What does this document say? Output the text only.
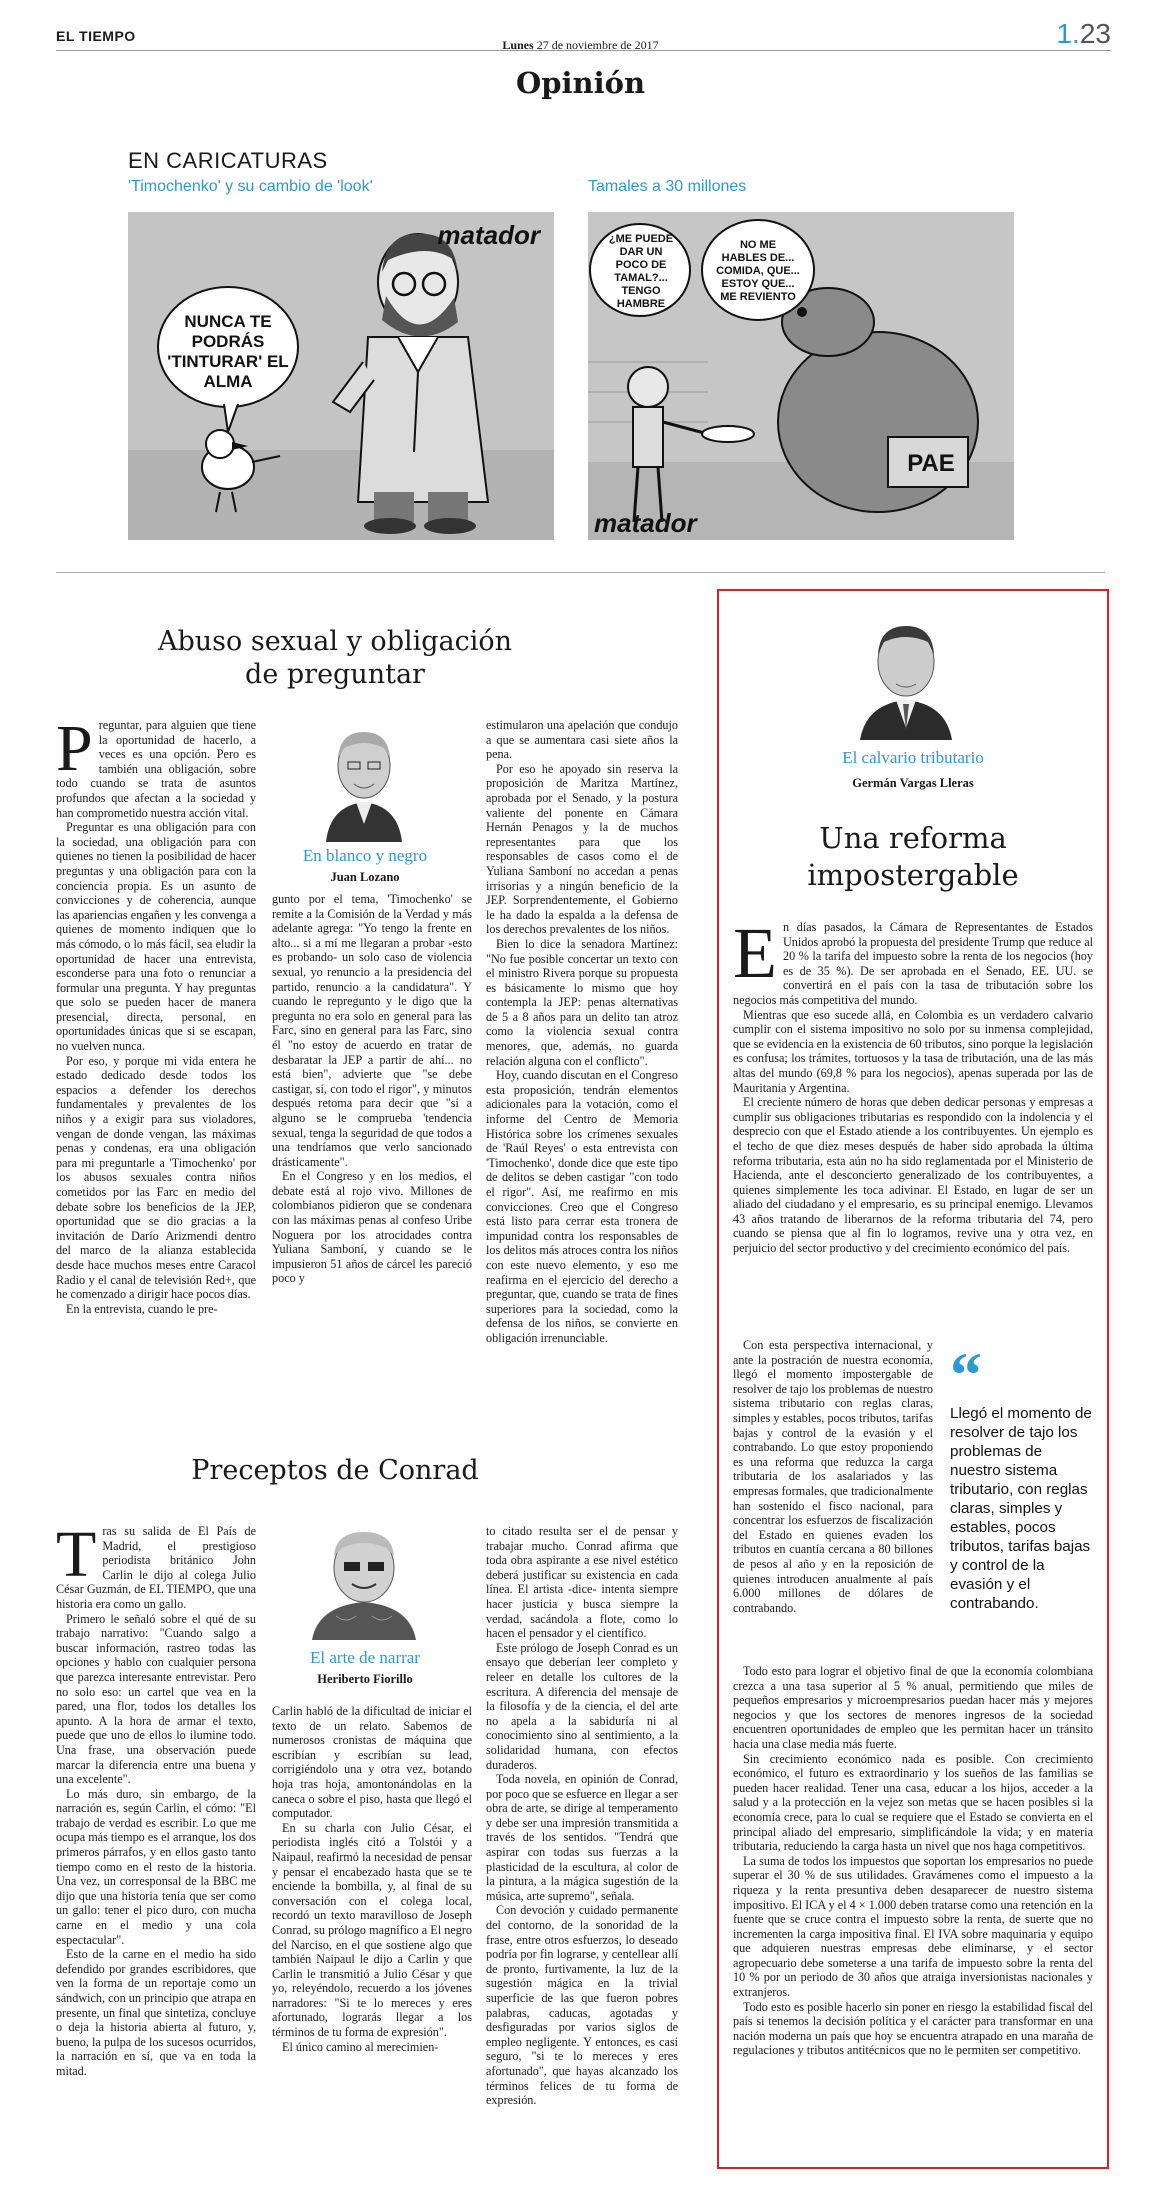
EL TIEMPO
Lunes 27 de noviembre de 2017	1.23
Opinión
EN CARICATURAS
'Timochenko' y su cambio de 'look'	Tamales a 30 millones
matador
NUNCA TE PODRÁS 'TINTURAR' EL ALMA
¿ME PUEDE DAR UN POCO DE TAMAL?... TENGO HAMBRE
NO ME HABLES DE... COMIDA, QUE... ESTOY QUE... ME REVIENTO
PAE
matador
Abuso sexual y obligación de preguntar

Preguntar, para alguien que tiene la oportunidad de hacerlo, a veces es una opción. Pero es también una obligación, sobre todo cuando se trata de asuntos profundos que afectan a la sociedad y han comprometido nuestra acción vital.

Preguntar es una obligación para con la sociedad, una obligación para con quienes no tienen la posibilidad de hacer preguntas y una obligación para con la conciencia propia. Es un asunto de convicciones y de coherencia, aunque las apariencias engañen y les convenga a quienes de momento indiquen que lo más cómodo, o lo más fácil, sea eludir la oportunidad de hacer una entrevista, esconderse para una foto o renunciar a formular una pregunta. Y hay preguntas que solo se pueden hacer de manera presencial, directa, personal, en oportunidades únicas que si se escapan, no vuelven nunca.

Por eso, y porque mi vida entera he estado dedicado desde todos los espacios a defender los derechos fundamentales y prevalentes de los niños y a exigir para sus violadores, vengan de donde vengan, las máximas penas y condenas, era una obligación para mi preguntarle a 'Timochenko' por los abusos sexuales contra niños cometidos por las Farc en medio del debate sobre los beneficios de la JEP, oportunidad que se dio gracias a la invitación de Darío Arizmendi dentro del marco de la alianza establecida desde hace muchos meses entre Caracol Radio y el canal de televisión Red+, que he comenzado a dirigir hace pocos días.

En la entrevista, cuando le pre-

En blanco y negro
Juan Lozano

gunto por el tema, 'Timochenko' se remite a la Comisión de la Verdad y más adelante agrega: "Yo tengo la frente en alto... si a mí me llegaran a probar -esto es probando- un solo caso de violencia sexual, yo renuncio a la presidencia del partido, renuncio a la candidatura". Y cuando le repregunto y le digo que la pregunta no era solo en general para las Farc, sino en general para las Farc, sino él "no estoy de acuerdo en tratar de desbaratar la JEP a partir de ahí... no está bien", advierte que "se debe castigar, sí, con todo el rigor", y minutos después retoma para decir que "si a alguno se le comprueba 'tendencia sexual, tenga la seguridad de que todos a una tendríamos que verlo sancionado drásticamente".

En el Congreso y en los medios, el debate está al rojo vivo. Millones de colombianos pidieron que se condenara con las máximas penas al confeso Uribe Noguera por los atrocidades contra Yuliana Samboní, y cuando se le impusieron 51 años de cárcel les pareció poco y

estimularon una apelación que condujo a que se aumentara casi siete años la pena.

Por eso he apoyado sin reserva la proposición de Maritza Martínez, aprobada por el Senado, y la postura valiente del ponente en Cámara Hernán Penagos y la de muchos representantes para que los responsables de casos como el de Yuliana Samboní no accedan a penas irrisorias y a ningún beneficio de la JEP. Sorprendentemente, el Gobierno le ha dado la espalda a la defensa de los derechos prevalentes de los niños.

Bien lo dice la senadora Martínez: "No fue posible concertar un texto con el ministro Rivera porque su propuesta es básicamente lo mismo que hoy contempla la JEP: penas alternativas de 5 a 8 años para un delito tan atroz como la violencia sexual contra menores, que, además, no guarda relación alguna con el conflicto".

Hoy, cuando discutan en el Congreso esta proposición, tendrán elementos adicionales para la votación, como el informe del Centro de Memoria Histórica sobre los crímenes sexuales de 'Raúl Reyes' o esta entrevista con 'Timochenko', donde dice que este tipo de delitos se deben castigar "con todo el rigor". Así, me reafirmo en mis convicciones. Creo que el Congreso está listo para cerrar esta tronera de impunidad contra los responsables de los delitos más atroces contra los niños con este nuevo elemento, y eso me reafirma en el ejercicio del derecho a preguntar, que, cuando se trata de fines superiores para la sociedad, como la defensa de los niños, se convierte en obligación irrenunciable.

Preceptos de Conrad

Tras su salida de El País de Madrid, el prestigioso periodista británico John Carlin le dijo al colega Julio César Guzmán, de EL TIEMPO, que una historia era como un gallo.

Primero le señaló sobre el qué de su trabajo narrativo: "Cuando salgo a buscar información, rastreo todas las opciones y hablo con cualquier persona que parezca interesante entrevistar. Pero no solo eso: un cartel que vea en la pared, una flor, todos los detalles los apunto. A la hora de armar el texto, puede que uno de ellos lo ilumine todo. Una frase, una observación puede marcar la diferencia entre una buena y una excelente".

Lo más duro, sin embargo, de la narración es, según Carlin, el cómo: "El trabajo de verdad es escribir. Lo que me ocupa más tiempo es el arranque, los dos primeros párrafos, y en ellos gasto tanto tiempo como en el resto de la historia. Una vez, un corresponsal de la BBC me dijo que una historia tenía que ser como un gallo: tener el pico duro, con mucha carne en el medio y una cola espectacular".

Esto de la carne en el medio ha sido defendido por grandes escribidores, que ven la forma de un reportaje como un sándwich, con un principio que atrapa en presente, un final que sintetiza, concluye o deja la historia abierta al futuro, y, bueno, la pulpa de los sucesos ocurridos, la narración en sí, que va en toda la mitad.

El arte de narrar
Heriberto Fiorillo

Carlin habló de la dificultad de iniciar el texto de un relato. Sabemos de numerosos cronistas de máquina que escribían y escribían su lead, corrigiéndolo una y otra vez, botando hoja tras hoja, amontonándolas en la caneca o sobre el piso, hasta que llegó el computador.

En su charla con Julio César, el periodista inglés citó a Tolstói y a Naipaul, reafirmó la necesidad de pensar y pensar el encabezado hasta que se te enciende la bombilla, y, al final de su conversación con el colega local, recordó un texto maravilloso de Joseph Conrad, su prólogo magnífico a El negro del Narciso, en el que sostiene algo que también Naipaul le dijo a Carlin y que Carlin le transmitió a Julio César y que yo, releyéndolo, recuerdo a los jóvenes narradores: "Si te lo mereces y eres afortunado, lograrás llegar a los términos de tu forma de expresión".

El único camino al merecimien-

to citado resulta ser el de pensar y trabajar mucho. Conrad afirma que toda obra aspirante a ese nivel estético deberá justificar su existencia en cada línea. El artista -dice- intenta siempre hacer justicia y busca siempre la verdad, sacándola a flote, como lo hacen el pensador y el científico.

Este prólogo de Joseph Conrad es un ensayo que deberían leer completo y releer en detalle los cultores de la escritura. A diferencia del mensaje de la filosofía y de la ciencia, el del arte no apela a la sabiduría ni al conocimiento sino al sentimiento, a la solidaridad humana, con efectos duraderos.

Toda novela, en opinión de Conrad, por poco que se esfuerce en llegar a ser obra de arte, se dirige al temperamento y debe ser una impresión transmitida a través de los sentidos. "Tendrá que aspirar con todas sus fuerzas a la plasticidad de la escultura, al color de la pintura, a la mágica sugestión de la música, arte supremo", señala.

Con devoción y cuidado permanente del contorno, de la sonoridad de la frase, entre otros esfuerzos, lo deseado podría por fin lograrse, y centellear allí de pronto, furtivamente, la luz de la sugestión mágica en la trivial superficie de las que fueron pobres palabras, caducas, agotadas y desfiguradas por varios siglos de empleo negligente. Y entonces, es casi seguro, "si te lo mereces y eres afortunado", que hayas alcanzado los términos felices de tu forma de expresión.

El calvario tributario
Germán Vargas Lleras
Una reforma impostergable

En días pasados, la Cámara de Representantes de Estados Unidos aprobó la propuesta del presidente Trump que reduce al 20 % la tarifa del impuesto sobre la renta de los negocios (hoy es de 35 %). De ser aprobada en el Senado, EE. UU. se convertirá en el país con la tasa de tributación sobre los negocios más competitiva del mundo.

Mientras que eso sucede allá, en Colombia es un verdadero calvario cumplir con el sistema impositivo no solo por su inmensa complejidad, que se evidencia en la existencia de 60 tributos, sino porque la legislación es confusa; los trámites, tortuosos y la tasa de tributación, una de las más altas del mundo (69,8 % para los negocios), apenas superada por las de Mauritania y Argentina.

El creciente número de horas que deben dedicar personas y empresas a cumplir sus obligaciones tributarias es respondido con la indolencia y el desprecio con que el Estado atiende a los contribuyentes. Un ejemplo es el techo de que diez meses después de haber sido aprobada la última reforma tributaria, esta aún no ha sido reglamentada por el Ministerio de Hacienda, ante el desconcierto generalizado de los contribuyentes, a quienes simplemente les toca adivinar. El Estado, en lugar de ser un aliado del ciudadano y el empresario, es su principal enemigo. Llevamos 43 años tratando de liberarnos de la reforma tributaria del 74, pero cuando se piensa que al fin lo logramos, revive una y otra vez, en perjuicio del sector productivo y del crecimiento económico del país.

Con esta perspectiva internacional, y ante la postración de nuestra economía, llegó el momento impostergable de resolver de tajo los problemas de nuestro sistema tributario con reglas claras, simples y estables, pocos tributos, tarifas bajas y control de la evasión y el contrabando. Lo que estoy proponiendo es una reforma que reduzca la carga tributaria de los asalariados y las empresas formales, que tradicionalmente han sostenido el fisco nacional, para concentrar los esfuerzos de fiscalización del Estado en quienes evaden los tributos en cuantía cercana a 80 billones de pesos al año y en la reposición de quienes introducen anualmente al país 6.000 millones de dólares de contrabando.

“
Llegó el momento de resolver de tajo los problemas de nuestro sistema tributario, con reglas claras, simples y estables, pocos tributos, tarifas bajas y control de la evasión y el contrabando.

Todo esto para lograr el objetivo final de que la economía colombiana crezca a una tasa superior al 5 % anual, permitiendo que miles de pequeños empresarios y microempresarios puedan hacer más y mejores negocios y que los sectores de menores ingresos de la sociedad encuentren oportunidades de empleo que les permitan hacer un tránsito hacia una clase media más fuerte.

Sin crecimiento económico nada es posible. Con crecimiento económico, el futuro es extraordinario y los sueños de las familias se pueden hacer realidad. Tener una casa, educar a los hijos, acceder a la salud y a la protección en la vejez son metas que se hacen posibles si la economía crece, para lo cual se requiere que el Estado se convierta en el principal aliado del empresario, simplificándole la vida; y en materia tributaria, reduciendo la carga hasta un nivel que nos haga competitivos.

La suma de todos los impuestos que soportan los empresarios no puede superar el 30 % de sus utilidades. Gravámenes como el impuesto a la riqueza y la renta presuntiva deben desaparecer de nuestro sistema impositivo. El ICA y el 4 × 1.000 deben tratarse como una retención en la fuente que se cruce contra el impuesto sobre la renta, de suerte que no incrementen la carga impositiva final. El IVA sobre maquinaria y equipo que adquieren nuestras empresas debe eliminarse, y el sector agropecuario debe someterse a una tarifa de impuesto sobre la renta del 10 % por un periodo de 30 años que atraiga inversionistas nacionales y extranjeros.

Todo esto es posible hacerlo sin poner en riesgo la estabilidad fiscal del país si tenemos la decisión política y el carácter para transformar en una nación moderna un país que hoy se encuentra atrapado en una maraña de regulaciones y tributos antitécnicos que no le permiten ser competitivo.
